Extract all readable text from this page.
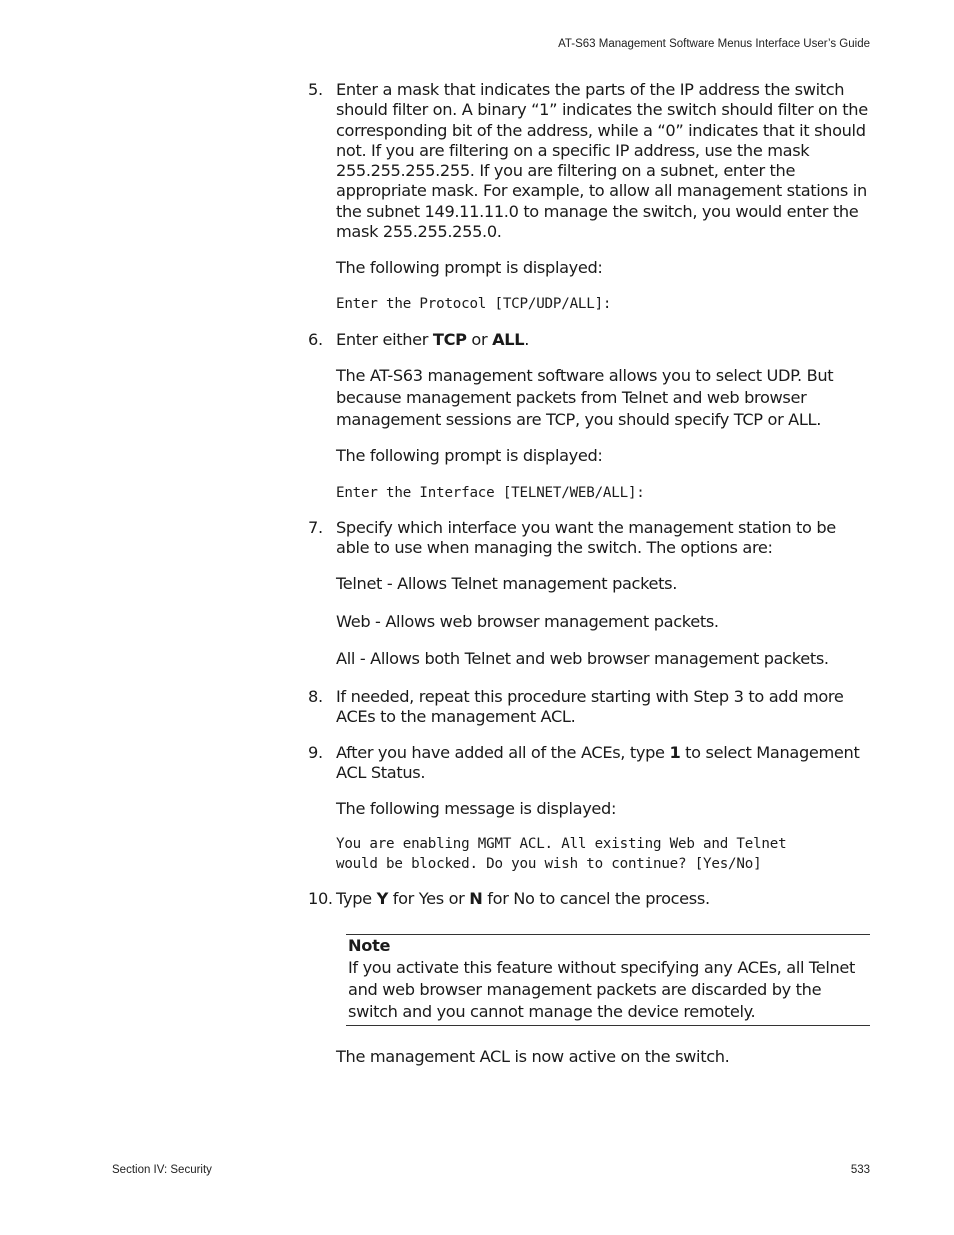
AT-S63 Management Software Menus Interface User’s Guide
5. Enter a mask that indicates the parts of the IP address the switch should filter on. A binary “1” indicates the switch should filter on the corresponding bit of the address, while a “0” indicates that it should not. If you are filtering on a specific IP address, use the mask 255.255.255.255. If you are filtering on a subnet, enter the appropriate mask. For example, to allow all management stations in the subnet 149.11.11.0 to manage the switch, you would enter the mask 255.255.255.0.
The following prompt is displayed:
Enter the Protocol [TCP/UDP/ALL]:
6. Enter either TCP or ALL.
The AT-S63 management software allows you to select UDP. But because management packets from Telnet and web browser management sessions are TCP, you should specify TCP or ALL.
The following prompt is displayed:
Enter the Interface [TELNET/WEB/ALL]:
7. Specify which interface you want the management station to be able to use when managing the switch. The options are:
Telnet - Allows Telnet management packets.
Web - Allows web browser management packets.
All - Allows both Telnet and web browser management packets.
8. If needed, repeat this procedure starting with Step 3 to add more ACEs to the management ACL.
9. After you have added all of the ACEs, type 1 to select Management ACL Status.
The following message is displayed:
You are enabling MGMT ACL. All existing Web and Telnet
would be blocked. Do you wish to continue? [Yes/No]
10. Type Y for Yes or N for No to cancel the process.
Note
If you activate this feature without specifying any ACEs, all Telnet and web browser management packets are discarded by the switch and you cannot manage the device remotely.
The management ACL is now active on the switch.
Section IV: Security	533
